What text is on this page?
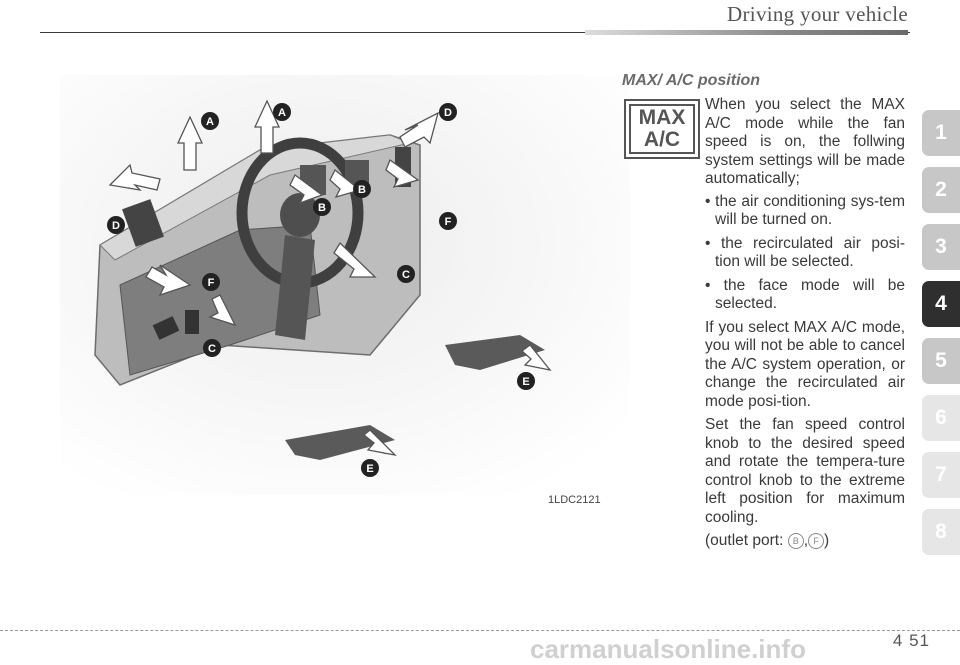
Driving your vehicle
A
A	D
B
F
B
D
F
C
C
E
E
1LDC2121
MAX/ A/C position
MAX
A/C

When you select the MAX A/C mode while the fan speed is on, the follwing system settings will be made automatically;

• the air conditioning sys-tem will be turned on.
• the recirculated air posi-tion will be selected.
• the face mode will be selected.

If you select MAX A/C mode, you will not be able to cancel the A/C system operation, or change the recirculated air mode posi-tion.

Set the fan speed control knob to the desired speed and rotate the tempera-ture control knob to the extreme left position for maximum cooling.

(outlet port: B , F )

1
2
3
4
5
6
7
8
carmanualsonline.info	4 51
